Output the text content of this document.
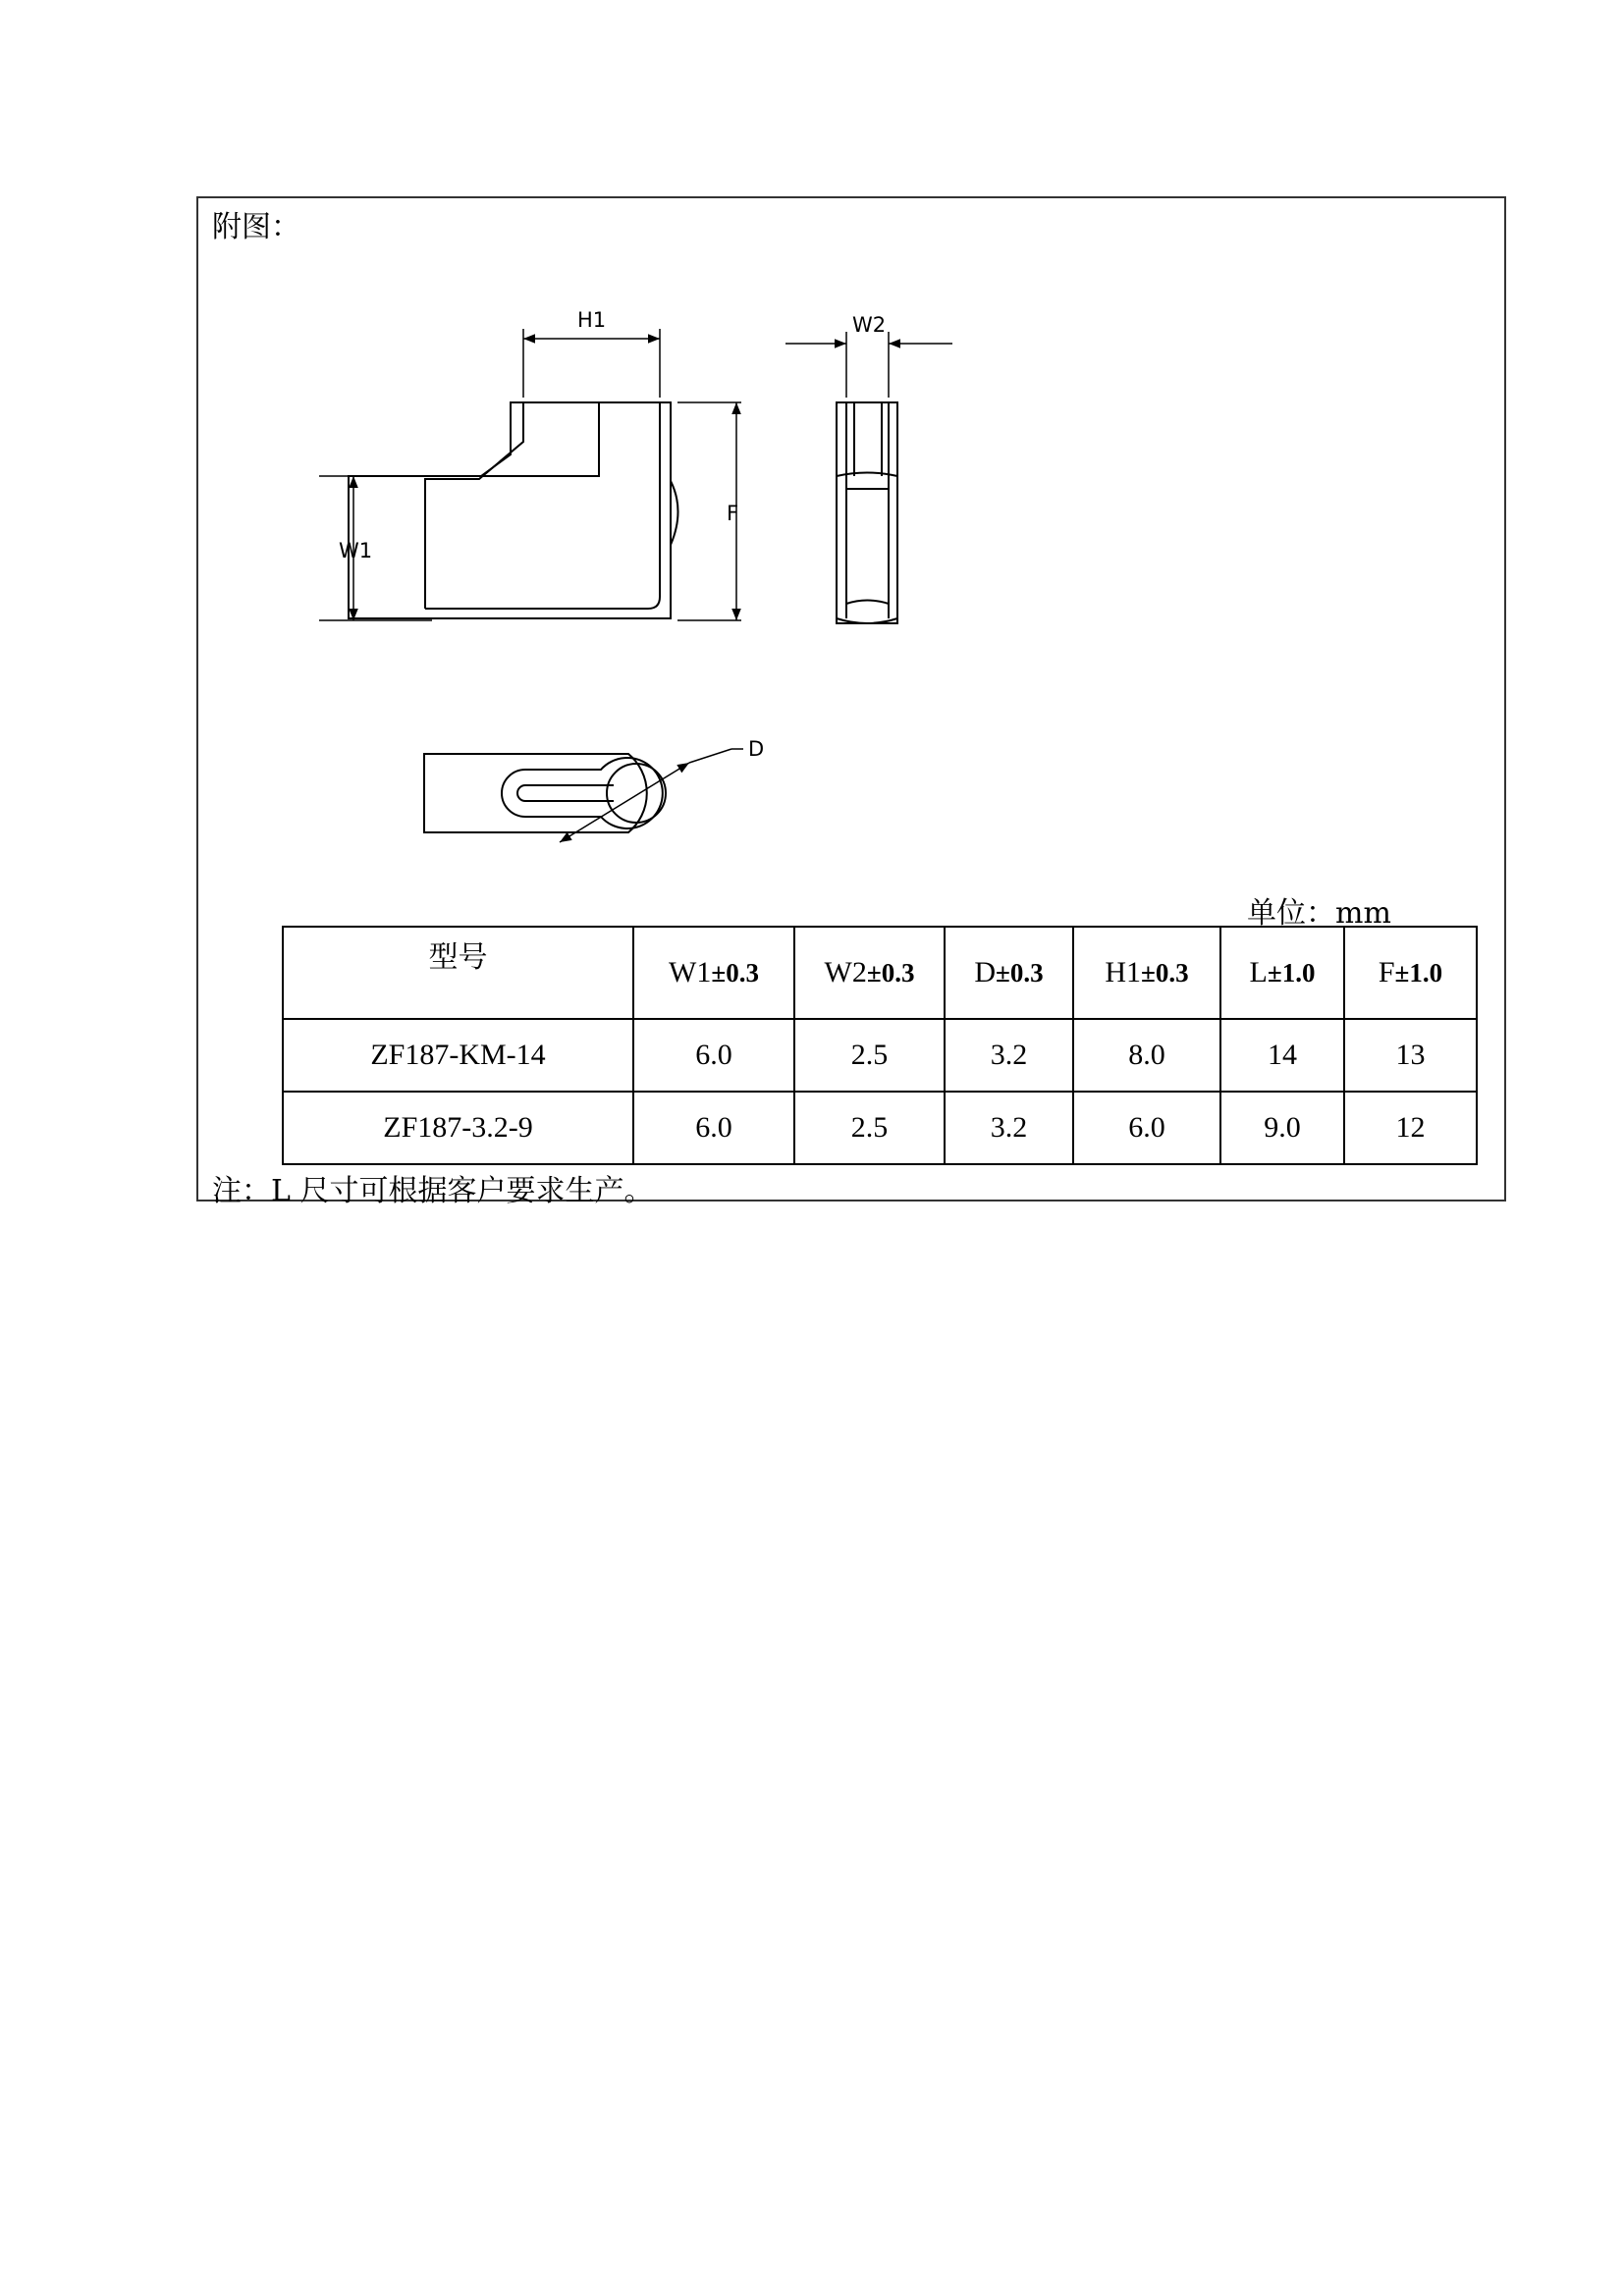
附图：
H1
W1
F
W2
D
单位：mm
型号	W1±0.3	W2±0.3	D±0.3	H1±0.3	L±1.0	F±1.0
ZF187-KM-14	6.0	2.5	3.2	8.0	14	13
ZF187-3.2-9	6.0	2.5	3.2	6.0	9.0	12
注：L 尺寸可根据客户要求生产。
